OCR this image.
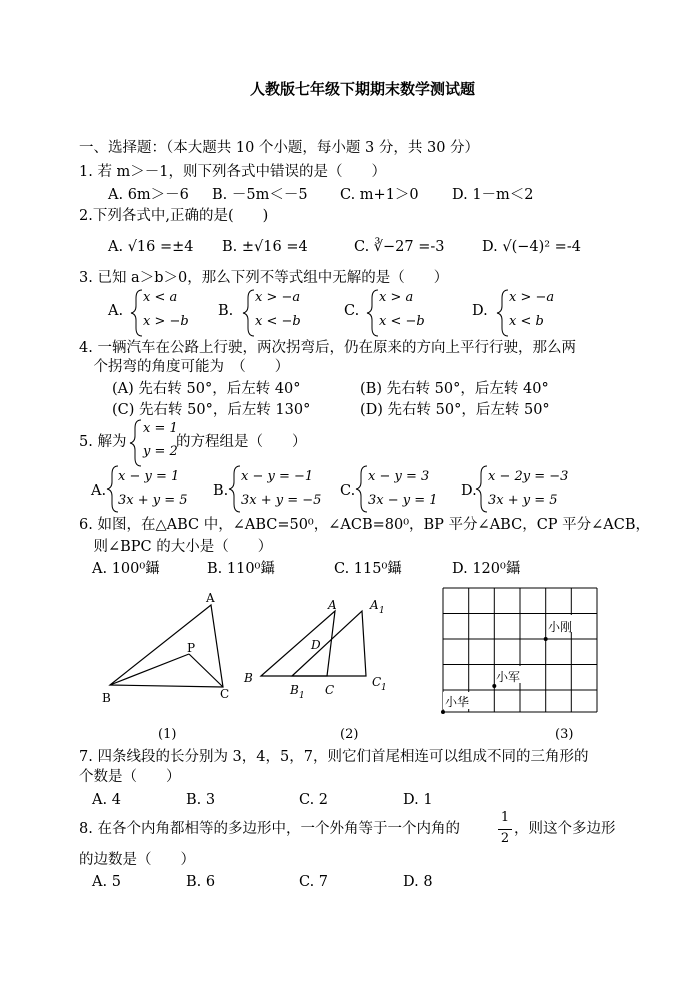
人教版七年级下期期末数学测试题
一、选择题：（本大题共 10 个小题，每小题 3 分，共 30 分）
1. 若 m＞－1，则下列各式中错误的是（　　）
A. 6m＞－6 B. －5m＜－5 C. m+1＞0 D. 1－m＜2
2.下列各式中,正确的是(　　)
A. √16 =±4 B. ±√16 =4	C. ∛−27 =-3	D. √(−4)² =-4
3. 已知 a＞b＞0，那么下列不等式组中无解的是（　　）
A.
x < a
x > −b
B.
x > −a
x < −b
C.
x > a
x < −b
D.
x > −a
x < b
4. 一辆汽车在公路上行驶，两次拐弯后，仍在原来的方向上平行行驶，那么两
　个拐弯的角度可能为　（　　）
(A) 先右转 50°，后左转 40°	(B) 先右转 50°，后左转 40°
(C) 先右转 50°，后左转 130°	(D) 先右转 50°，后左转 50°
5. 解为
x = 1
y = 2
的方程组是（　　）
A.
x − y = 1
3x + y = 5
B.
x − y = −1
3x + y = −5
C.
x − y = 3
3x − y = 1
D.
x − 2y = −3
3x + y = 5
6. 如图，在△ABC 中，∠ABC=50⁰，∠ACB=80⁰，BP 平分∠ABC，CP 平分∠ACB，
　则∠BPC 的大小是（　　）
A. 100⁰鑷	B. 110⁰鑷	C. 115⁰鑷	D. 120⁰鑷
A
B	C
P
(1)
A	A 1
B
B 1 C
C 1
D
(2)
小刚
小军
小华
(3)
7. 四条线段的长分别为 3，4，5，7，则它们首尾相连可以组成不同的三角形的
个数是（　　）
A. 4	B. 3	C. 2	D. 1
8. 在各个内角都相等的多边形中，一个外角等于一个内角的
1
2
，则这个多边形
的边数是（　　）
A. 5	B. 6	C. 7	D. 8
